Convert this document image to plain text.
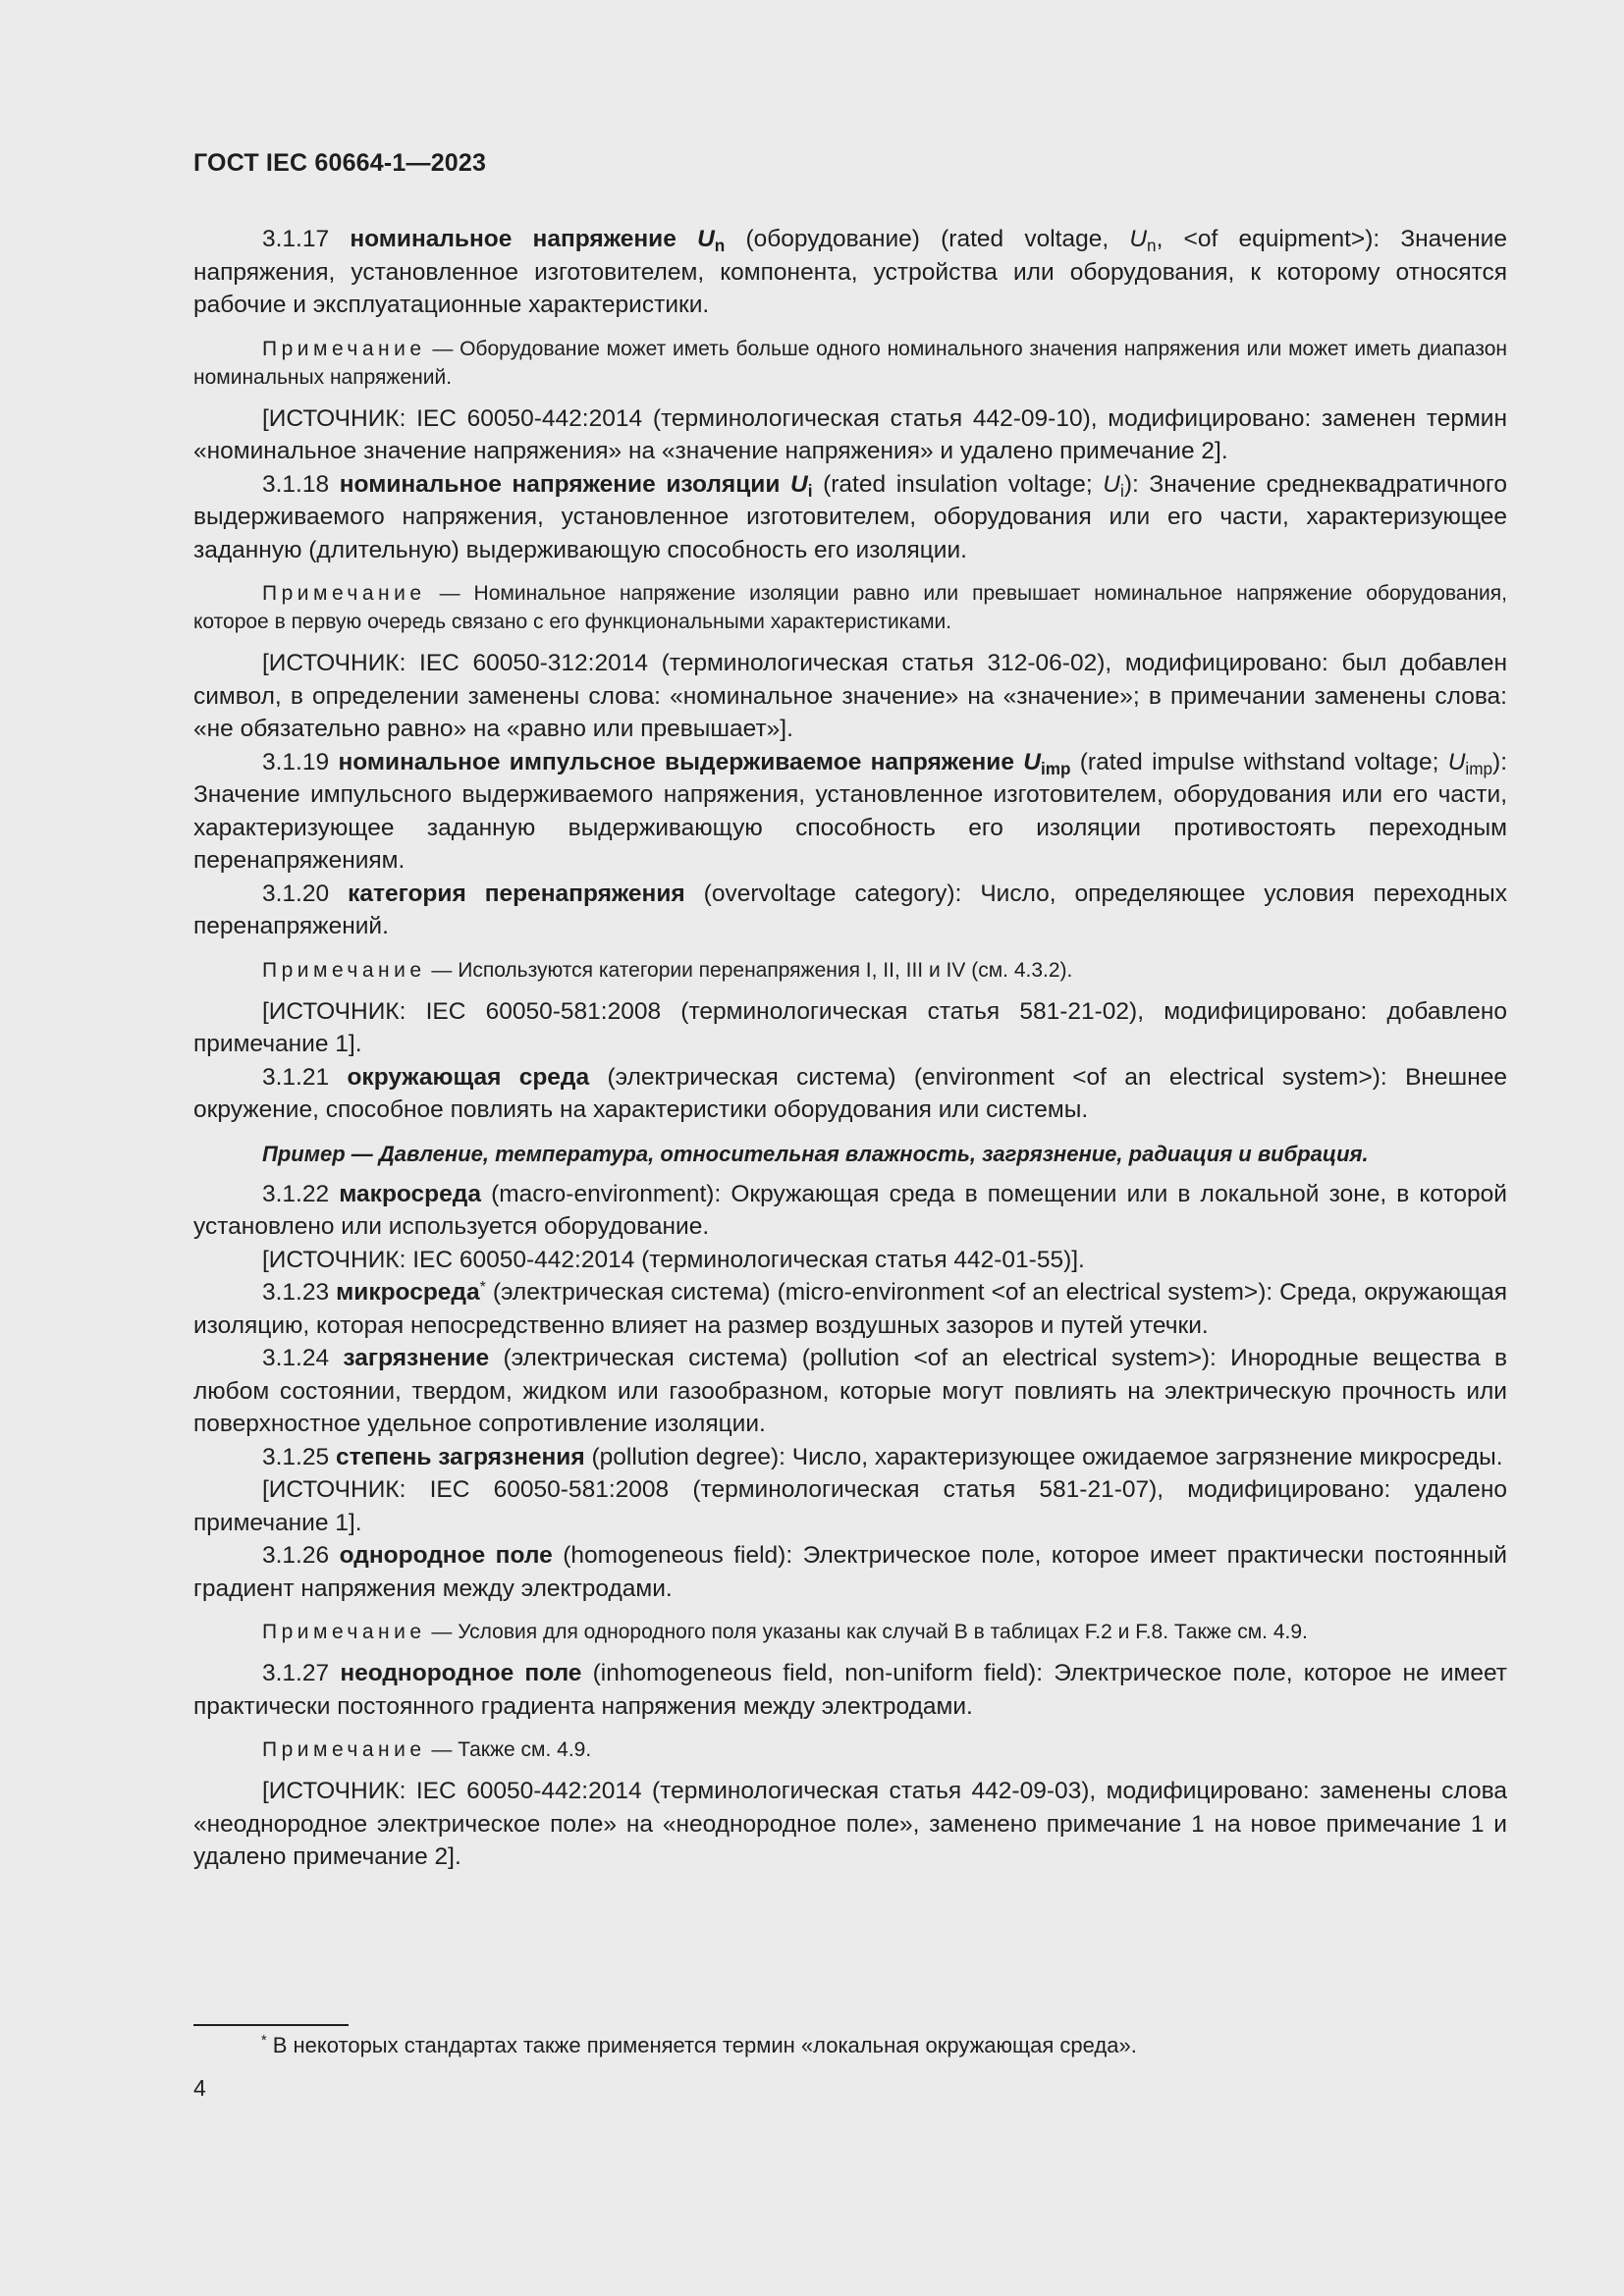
ГОСТ IEC 60664-1—2023

3.1.17 номинальное напряжение $U_n$ (оборудование) (rated voltage, $U_n$, <of equipment>): Значение напряжения, установленное изготовителем, компонента, устройства или оборудования, к которому относятся рабочие и эксплуатационные характеристики.

Примечание — Оборудование может иметь больше одного номинального значения напряжения или может иметь диапазон номинальных напряжений.

[ИСТОЧНИК: IEC 60050-442:2014 (терминологическая статья 442-09-10), модифицировано: заменен термин «номинальное значение напряжения» на «значение напряжения» и удалено примечание 2].

3.1.18 номинальное напряжение изоляции $U_i$ (rated insulation voltage; $U_i$): Значение среднеквадратичного выдерживаемого напряжения, установленное изготовителем, оборудования или его части, характеризующее заданную (длительную) выдерживающую способность его изоляции.

Примечание — Номинальное напряжение изоляции равно или превышает номинальное напряжение оборудования, которое в первую очередь связано с его функциональными характеристиками.

[ИСТОЧНИК: IEC 60050-312:2014 (терминологическая статья 312-06-02), модифицировано: был добавлен символ, в определении заменены слова: «номинальное значение» на «значение»; в примечании заменены слова: «не обязательно равно» на «равно или превышает»].

3.1.19 номинальное импульсное выдерживаемое напряжение $U_{imp}$ (rated impulse withstand voltage; $U_{imp}$): Значение импульсного выдерживаемого напряжения, установленное изготовителем, оборудования или его части, характеризующее заданную выдерживающую способность его изоляции противостоять переходным перенапряжениям.

3.1.20 категория перенапряжения (overvoltage category): Число, определяющее условия переходных перенапряжений.

Примечание — Используются категории перенапряжения I, II, III и IV (см. 4.3.2).

[ИСТОЧНИК: IEC 60050-581:2008 (терминологическая статья 581-21-02), модифицировано: добавлено примечание 1].

3.1.21 окружающая среда (электрическая система) (environment <of an electrical system>): Внешнее окружение, способное повлиять на характеристики оборудования или системы.

Пример — Давление, температура, относительная влажность, загрязнение, радиация и вибрация.

3.1.22 макросреда (macro-environment): Окружающая среда в помещении или в локальной зоне, в которой установлено или используется оборудование.

[ИСТОЧНИК: IEC 60050-442:2014 (терминологическая статья 442-01-55)].

3.1.23 микросреда* (электрическая система) (micro-environment <of an electrical system>): Среда, окружающая изоляцию, которая непосредственно влияет на размер воздушных зазоров и путей утечки.

3.1.24 загрязнение (электрическая система) (pollution <of an electrical system>): Инородные вещества в любом состоянии, твердом, жидком или газообразном, которые могут повлиять на электрическую прочность или поверхностное удельное сопротивление изоляции.

3.1.25 степень загрязнения (pollution degree): Число, характеризующее ожидаемое загрязнение микросреды.

[ИСТОЧНИК: IEC 60050-581:2008 (терминологическая статья 581-21-07), модифицировано: удалено примечание 1].

3.1.26 однородное поле (homogeneous field): Электрическое поле, которое имеет практически постоянный градиент напряжения между электродами.

Примечание — Условия для однородного поля указаны как случай В в таблицах F.2 и F.8. Также см. 4.9.

3.1.27 неоднородное поле (inhomogeneous field, non-uniform field): Электрическое поле, которое не имеет практически постоянного градиента напряжения между электродами.

Примечание — Также см. 4.9.

[ИСТОЧНИК: IEC 60050-442:2014 (терминологическая статья 442-09-03), модифицировано: заменены слова «неоднородное электрическое поле» на «неоднородное поле», заменено примечание 1 на новое примечание 1 и удалено примечание 2].

* В некоторых стандартах также применяется термин «локальная окружающая среда».
4
